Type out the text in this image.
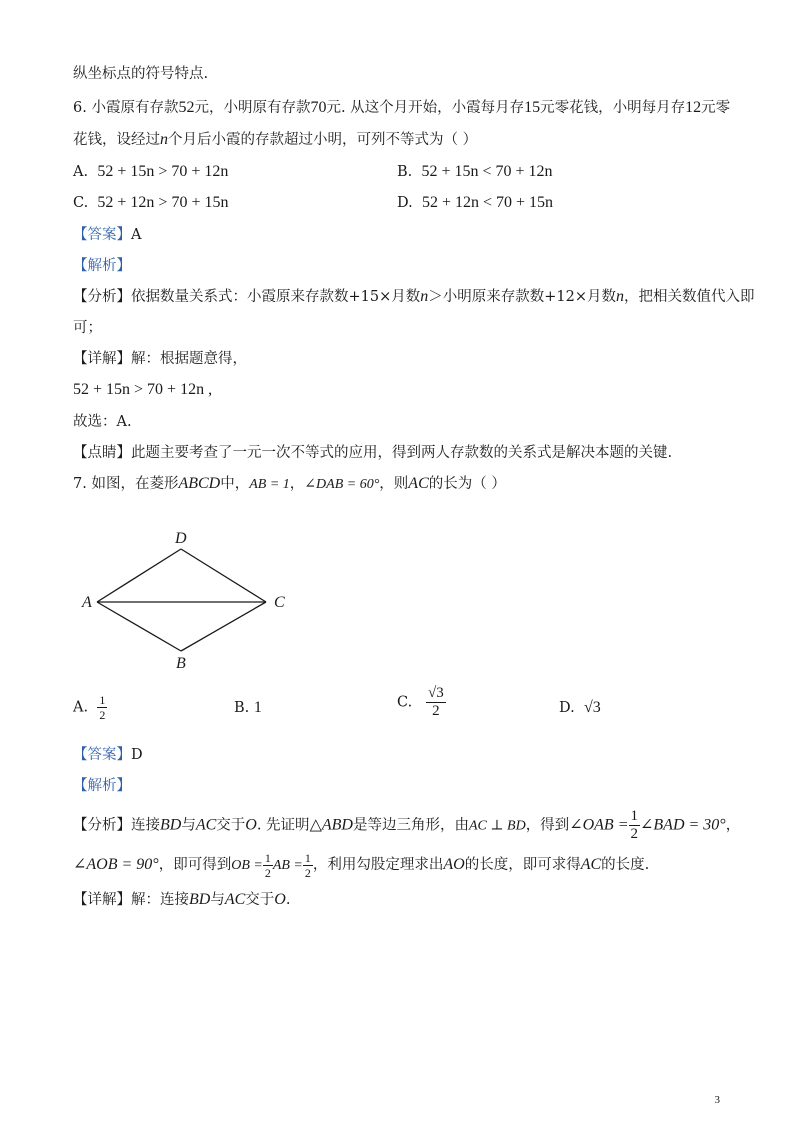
纵坐标点的符号特点.
6. 小霞原有存款52元，小明原有存款70元. 从这个月开始，小霞每月存15元零花钱，小明每月存12元零
花钱，设经过n个月后小霞的存款超过小明，可列不等式为（ ）
A. 52 + 15n > 70 + 12n	B. 52 + 15n < 70 + 12n
C. 52 + 12n > 70 + 15n	D. 52 + 12n < 70 + 15n
【答案】A
【解析】
【分析】依据数量关系式：小霞原来存款数+15×月数n＞小明原来存款数+12×月数n，把相关数值代入即
可；
【详解】解：根据题意得，
52 + 15n > 70 + 12n ,
故选：A.
【点睛】此题主要考查了一元一次不等式的应用，得到两人存款数的关系式是解决本题的关键.
7. 如图，在菱形ABCD中，AB = 1，∠DAB = 60°，则AC的长为（ ）
D
A	C
B
A. $\frac{1}{2}$	B. 1	C. $\frac{√3}{2}$	D. √3
【答案】D
【解析】
【分析】连接BD与AC交于O. 先证明△ABD是等边三角形，由AC ⊥ BD，得到∠OAB = $\frac{1}{2}$ ∠BAD = 30°，
∠AOB = 90°，即可得到OB = $\frac{1}{2}$ AB = $\frac{1}{2}$ ，利用勾股定理求出AO的长度，即可求得AC的长度.
【详解】解：连接BD与AC交于O.
3
